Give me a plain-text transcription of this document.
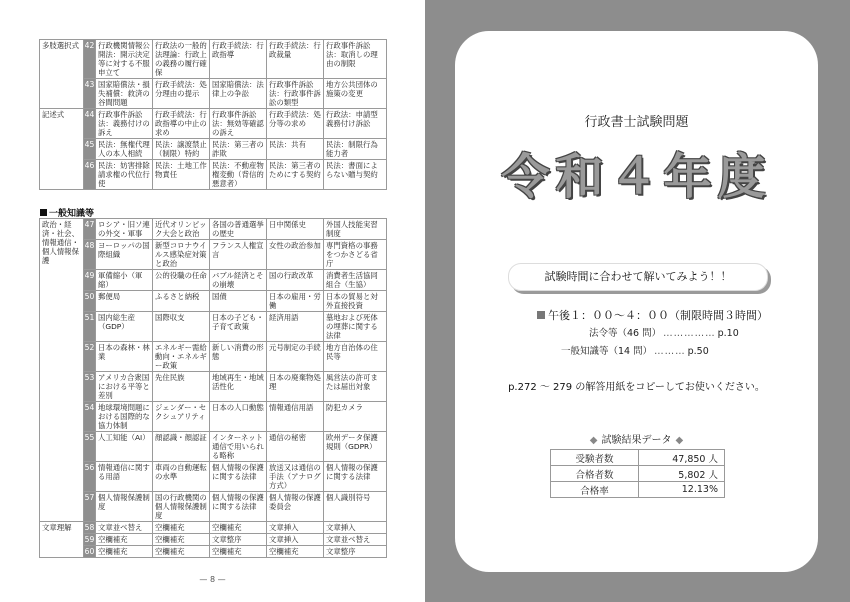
多肢選択式	42	行政機関情報公開法：開示決定等に対する不服申立て	行政法の一般的法理論：行政上の義務の履行確保	行政手続法：行政指導	行政手続法：行政裁量	行政事件訴訟法：取消しの理由の制限
	43	国家賠償法・損失補償：救済の谷間問題	行政手続法：処分理由の提示	国家賠償法：法律上の争訟	行政事件訴訟法：行政事件訴訟の類型	地方公共団体の施策の変更
記述式	44	行政事件訴訟法：義務付けの訴え	行政手続法：行政指導の中止の求め	行政事件訴訟法：無効等確認の訴え	行政手続法：処分等の求め	行政法：申請型義務付け訴訟
	45	民法：無権代理人の本人相続	民法：譲渡禁止（制限）特約	民法：第三者の詐欺	民法：共有	民法：制限行為能力者
	46	民法：妨害排除請求権の代位行使	民法：土地工作物責任	民法：不動産物権変動（背信的悪意者）	民法：第三者のためにする契約	民法：書面によらない贈与契約
一般知識等
政治・経済・社会、情報通信・個人情報保護	47	ロシア・旧ソ連の外交・軍事	近代オリンピック大会と政治	各国の普通選挙の歴史	日中関係史	外国人技能実習制度
	48	ヨーロッパの国際組織	新型コロナウイルス感染症対策と政治	フランス人権宣言	女性の政治参加	専門資格の事務をつかさどる省庁
	49	軍備縮小（軍縮）	公的役職の任命	バブル経済とその崩壊	国の行政改革	消費者生活協同組合（生協）
	50	郵便局	ふるさと納税	国債	日本の雇用・労働	日本の貿易と対外直接投資
	51	国内総生産（GDP）	国際収支	日本の子ども・子育て政策	経済用語	墓地および死体の埋葬に関する法律
	52	日本の森林・林業	エネルギー需給動向・エネルギー政策	新しい消費の形態	元号制定の手続	地方自治体の住民等
	53	アメリカ合衆国における平等と差別	先住民族	地域再生・地域活性化	日本の廃棄物処理	風営法の許可または届出対象
	54	地球環境問題における国際的な協力体制	ジェンダー・セクシュアリティ	日本の人口動態	情報通信用語	防犯カメラ
	55	人工知能（AI）	顔認識・顔認証	インターネット通信で用いられる略称	通信の秘密	欧州データ保護規則（GDPR）
	56	情報通信に関する用語	車両の自動運転の水準	個人情報の保護に関する法律	放送又は通信の手法（アナログ方式）	個人情報の保護に関する法律
	57	個人情報保護制度	国の行政機関の個人情報保護制度	個人情報の保護に関する法律	個人情報の保護委員会	個人識別符号
文章理解	58	文章並べ替え	空欄補充	空欄補充	文章挿入	文章挿入
	59	空欄補充	空欄補充	文章整序	文章挿入	文章並べ替え
	60	空欄補充	空欄補充	空欄補充	空欄補充	文章整序
— 8 —
行政書士試験問題
令和４年度
試験時間に合わせて解いてみよう！！
午後１：００～４：００（制限時間３時間）
法令等（46 問） …………… p.10
一般知識等（14 問） ……… p.50
p.272 ～ 279 の解答用紙をコピーしてお使いください。
◆ 試験結果データ ◆
受験者数	47,850 人
合格者数	5,802 人
合格率	12.13%
